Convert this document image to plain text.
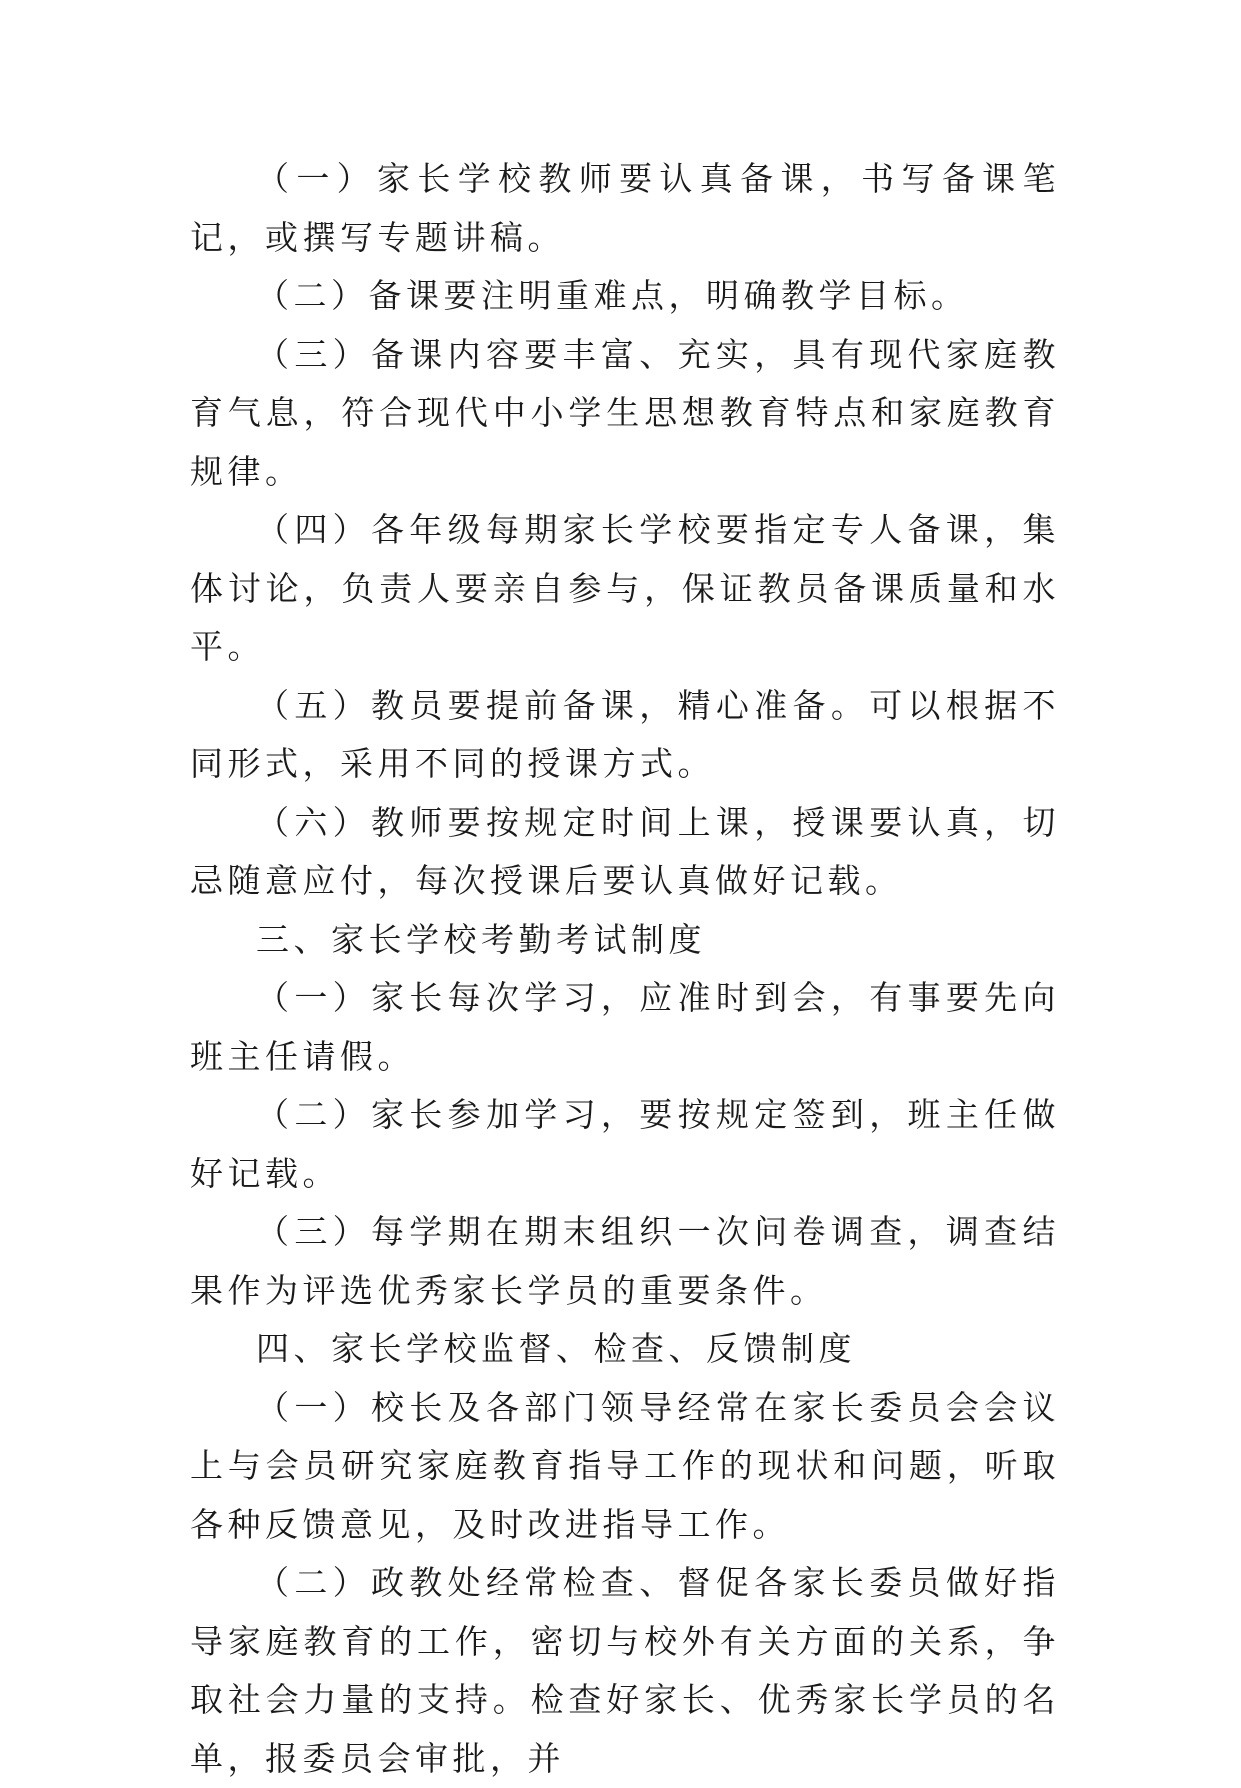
（一）家长学校教师要认真备课，书写备课笔记，或撰写专题讲稿。

（二）备课要注明重难点，明确教学目标。

（三）备课内容要丰富、充实，具有现代家庭教育气息，符合现代中小学生思想教育特点和家庭教育规律。

（四）各年级每期家长学校要指定专人备课，集体讨论，负责人要亲自参与，保证教员备课质量和水平。

（五）教员要提前备课，精心准备。可以根据不同形式，采用不同的授课方式。

（六）教师要按规定时间上课，授课要认真，切忌随意应付，每次授课后要认真做好记载。

三、家长学校考勤考试制度

（一）家长每次学习，应准时到会，有事要先向班主任请假。

（二）家长参加学习，要按规定签到，班主任做好记载。

（三）每学期在期末组织一次问卷调查，调查结果作为评选优秀家长学员的重要条件。

四、家长学校监督、检查、反馈制度

（一）校长及各部门领导经常在家长委员会会议上与会员研究家庭教育指导工作的现状和问题，听取各种反馈意见，及时改进指导工作。

（二）政教处经常检查、督促各家长委员做好指导家庭教育的工作，密切与校外有关方面的关系，争取社会力量的支持。检查好家长、优秀家长学员的名单，报委员会审批，并
